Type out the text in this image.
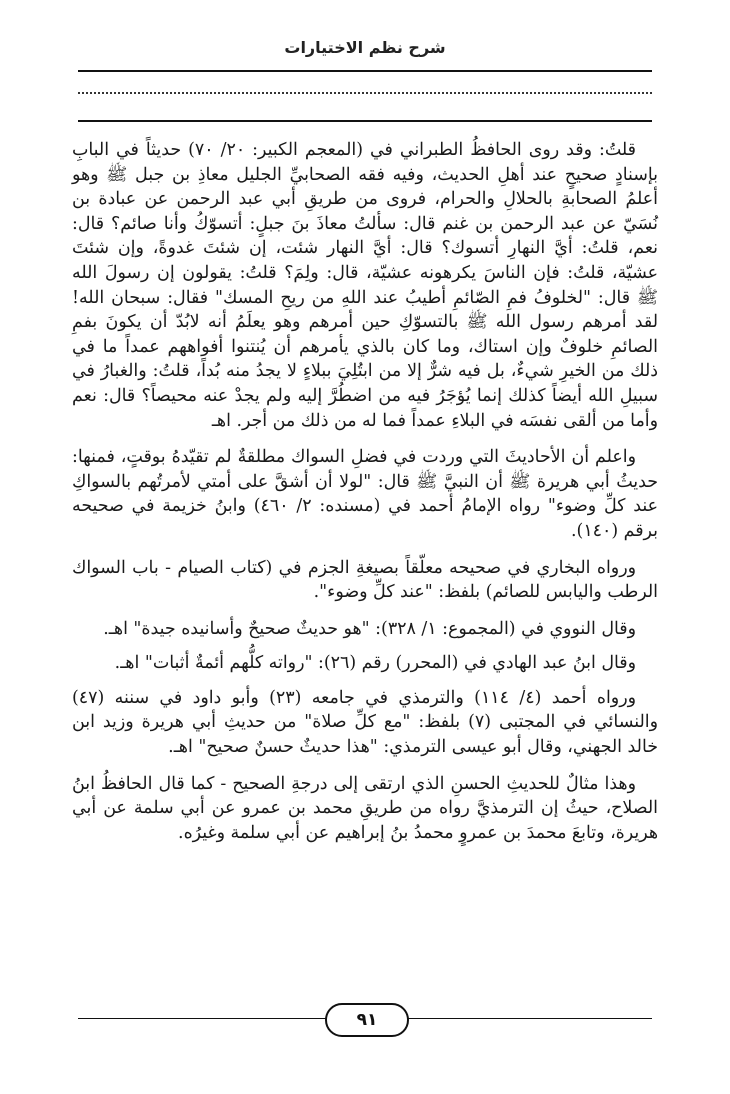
شرح نظم الاختيارات

قلتُ: وقد روى الحافظُ الطبراني في (المعجم الكبير: ٢٠/ ٧٠) حديثاً في البابِ بإسنادٍ صحيحٍ عند أهلِ الحديث، وفيه فقه الصحابيِّ الجليل معاذِ بن جبل ﷺ وهو أعلمُ الصحابةِ بالحلالِ والحرام، فروى من طريقِ أبي عبد الرحمن عن عبادة بن نُسَيّ عن عبد الرحمن بن غنم قال: سألتُ معاذَ بنَ جبلٍ: أتسوّكُ وأنا صائم؟ قال: نعم، قلتُ: أيَّ النهارِ أتسوك؟ قال: أيَّ النهار شئت، إن شئتَ غدوةً، وإن شئتَ عشيّة، قلتُ: فإن الناسَ يكرهونه عشيّة، قال: ولِمَ؟ قلتُ: يقولون إن رسولَ الله ﷺ قال: "لخلوفُ فمِ الصّائمِ أطيبُ عند اللهِ من ريحِ المسك" فقال: سبحان الله! لقد أمرهم رسول الله ﷺ بالتسوّكِ حين أمرهم وهو يعلَمُ أنه لابُدّ أن يكونَ بفمِ الصائمِ خلوفٌ وإن استاك، وما كان بالذي يأمرهم أن يُنتنوا أفواههم عمداً ما في ذلك من الخيرِ شيءٌ، بل فيه شرٌّ إلا من ابتُلِيَ ببلاءٍ لا يجدُ منه بُداً، قلتُ: والغبارُ في سبيلِ الله أيضاً كذلك إنما يُؤجَرُ فيه من اضطُرَّ إليه ولم يجدْ عنه محيصاً؟ قال: نعم وأما من ألقى نفسَه في البلاءِ عمداً فما له من ذلك من أجر. اهـ

واعلم أن الأحاديثَ التي وردت في فضلِ السواك مطلقةٌ لم تقيّدهُ بوقتٍ، فمنها: حديثُ أبي هريرة ﷺ أن النبيَّ ﷺ قال: "لولا أن أشقَّ على أمتي لأمرتُهم بالسواكِ عند كلِّ وضوء" رواه الإمامُ أحمد في (مسنده: ٢/ ٤٦٠) وابنُ خزيمة في صحيحه برقم (١٤٠).

ورواه البخاري في صحيحه معلّقاً بصيغةِ الجزم في (كتاب الصيام - باب السواك الرطب واليابس للصائم) بلفظ: "عند كلِّ وضوء".

وقال النووي في (المجموع: ١/ ٣٢٨): "هو حديثٌ صحيحٌ وأسانيده جيدة" اهـ.

وقال ابنُ عبد الهادي في (المحرر) رقم (٢٦): "رواته كلُّهم أئمةٌ أثبات" اهـ.

ورواه أحمد (٤/ ١١٤) والترمذي في جامعه (٢٣) وأبو داود في سننه (٤٧) والنسائي في المجتبى (٧) بلفظ: "مع كلِّ صلاة" من حديثِ أبي هريرة وزيد ابن خالد الجهني، وقال أبو عيسى الترمذي: "هذا حديثٌ حسنٌ صحيح" اهـ.

وهذا مثالٌ للحديثِ الحسنِ الذي ارتقى إلى درجةِ الصحيح - كما قال الحافظُ ابنُ الصلاح، حيثُ إن الترمذيَّ رواه من طريقِ محمد بن عمرو عن أبي سلمة عن أبي هريرة، وتابعَ محمدَ بن عمروٍ محمدُ بنُ إبراهيم عن أبي سلمة وغيرُه.

٩١
